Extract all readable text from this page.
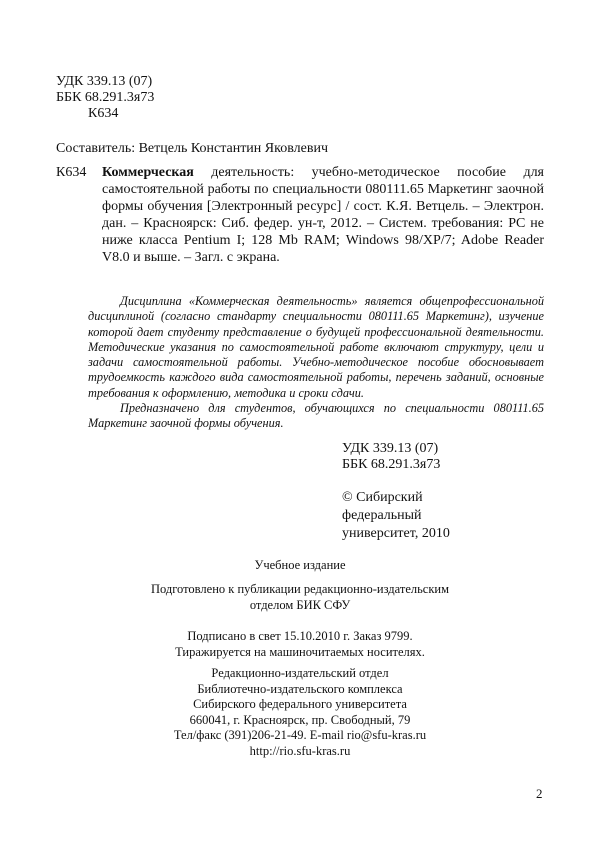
УДК 339.13 (07)
ББК 68.291.3я73
К634
Составитель: Ветцель Константин Яковлевич
К634 Коммерческая деятельность: учебно-методическое пособие для самостоятельной работы по специальности 080111.65 Маркетинг заочной формы обучения [Электронный ресурс] / сост. К.Я. Ветцель. – Электрон. дан. – Красноярск: Сиб. федер. ун-т, 2012. – Систем. требования: PC не ниже класса Pentium I; 128 Mb RAM; Windows 98/XP/7; Adobe Reader V8.0 и выше. – Загл. с экрана.

Дисциплина «Коммерческая деятельность» является общепрофессиональной дисциплиной (согласно стандарту специальности 080111.65 Маркетинг), изучение которой дает студенту представление о будущей профессиональной деятельности. Методические указания по самостоятельной работе включают структуру, цели и задачи самостоятельной работы. Учебно-методическое пособие обосновывает трудоемкость каждого вида самостоятельной работы, перечень заданий, основные требования к оформлению, методика и сроки сдачи.

Предназначено для студентов, обучающихся по специальности 080111.65 Маркетинг заочной формы обучения.

УДК 339.13 (07)
ББК 68.291.3я73
© Сибирский
федеральный
университет, 2010
Учебное издание
Подготовлено к публикации редакционно-издательским
отделом БИК СФУ
Подписано в свет 15.10.2010 г. Заказ 9799.
Тиражируется на машиночитаемых носителях.
Редакционно-издательский отдел
Библиотечно-издательского комплекса
Сибирского федерального университета
660041, г. Красноярск, пр. Свободный, 79
Тел/факс (391)206-21-49. E-mail rio@sfu-kras.ru
http://rio.sfu-kras.ru
2
